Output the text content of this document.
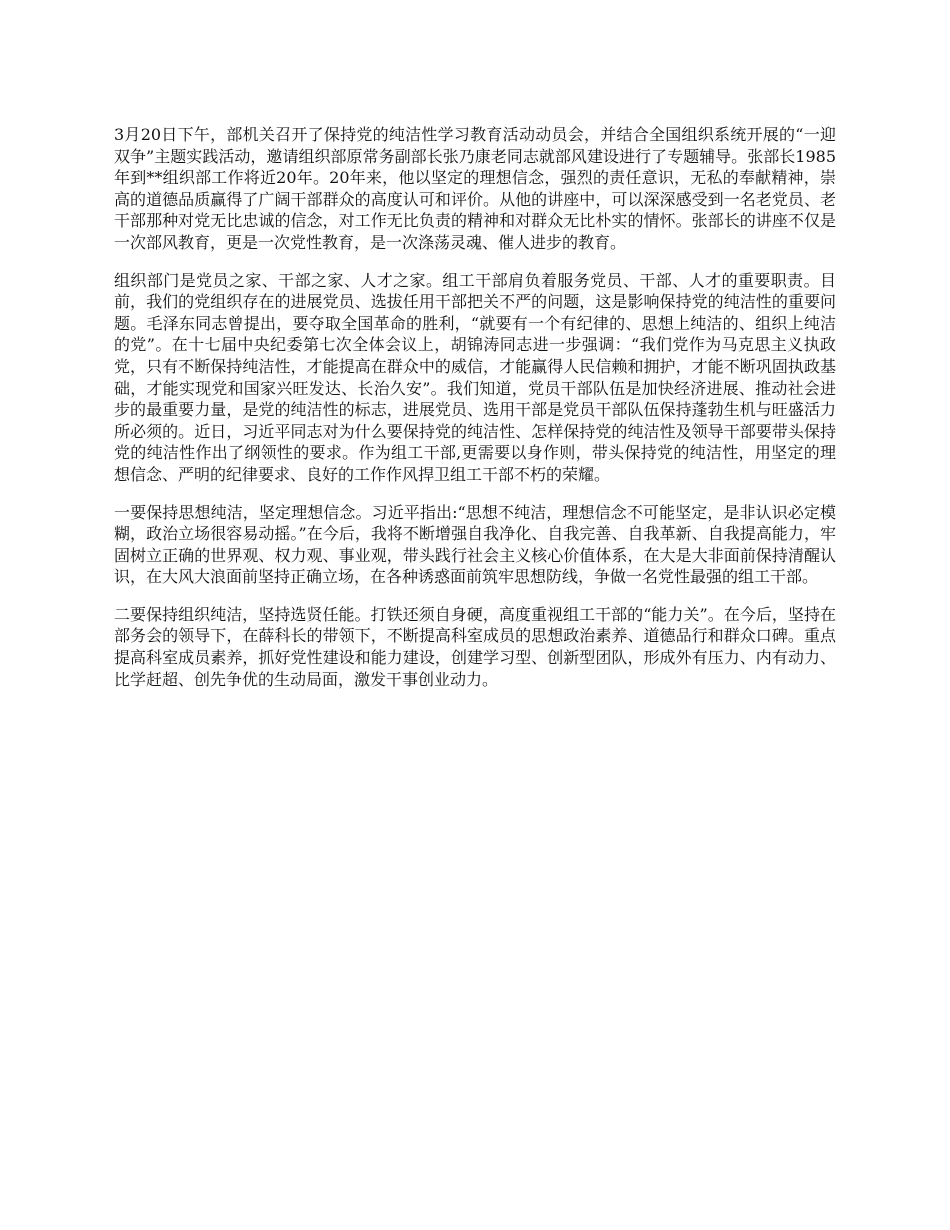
3月20日下午，部机关召开了保持党的纯洁性学习教育活动动员会，并结合全国组织系统开展的“一迎双争”主题实践活动，邀请组织部原常务副部长张乃康老同志就部风建设进行了专题辅导。张部长1985年到**组织部工作将近20年。20年来，他以坚定的理想信念，强烈的责任意识，无私的奉献精神，崇高的道德品质赢得了广阔干部群众的高度认可和评价。从他的讲座中，可以深深感受到一名老党员、老干部那种对党无比忠诚的信念，对工作无比负责的精神和对群众无比朴实的情怀。张部长的讲座不仅是一次部风教育，更是一次党性教育，是一次涤荡灵魂、催人进步的教育。

组织部门是党员之家、干部之家、人才之家。组工干部肩负着服务党员、干部、人才的重要职责。目前，我们的党组织存在的进展党员、选拔任用干部把关不严的问题，这是影响保持党的纯洁性的重要问题。毛泽东同志曾提出，要夺取全国革命的胜利，“就要有一个有纪律的、思想上纯洁的、组织上纯洁的党”。在十七届中央纪委第七次全体会议上，胡锦涛同志进一步强调：“我们党作为马克思主义执政党，只有不断保持纯洁性，才能提高在群众中的威信，才能赢得人民信赖和拥护，才能不断巩固执政基础，才能实现党和国家兴旺发达、长治久安”。我们知道，党员干部队伍是加快经济进展、推动社会进步的最重要力量，是党的纯洁性的标志，进展党员、选用干部是党员干部队伍保持蓬勃生机与旺盛活力所必须的。近日，习近平同志对为什么要保持党的纯洁性、怎样保持党的纯洁性及领导干部要带头保持党的纯洁性作出了纲领性的要求。作为组工干部,更需要以身作则，带头保持党的纯洁性，用坚定的理想信念、严明的纪律要求、良好的工作作风捍卫组工干部不朽的荣耀。

一要保持思想纯洁，坚定理想信念。习近平指出:“思想不纯洁，理想信念不可能坚定，是非认识必定模糊，政治立场很容易动摇。”在今后，我将不断增强自我净化、自我完善、自我革新、自我提高能力，牢固树立正确的世界观、权力观、事业观，带头践行社会主义核心价值体系，在大是大非面前保持清醒认识，在大风大浪面前坚持正确立场，在各种诱惑面前筑牢思想防线，争做一名党性最强的组工干部。

二要保持组织纯洁，坚持选贤任能。打铁还须自身硬，高度重视组工干部的“能力关”。在今后，坚持在部务会的领导下，在薛科长的带领下，不断提高科室成员的思想政治素养、道德品行和群众口碑。重点提高科室成员素养，抓好党性建设和能力建设，创建学习型、创新型团队，形成外有压力、内有动力、比学赶超、创先争优的生动局面，激发干事创业动力。
